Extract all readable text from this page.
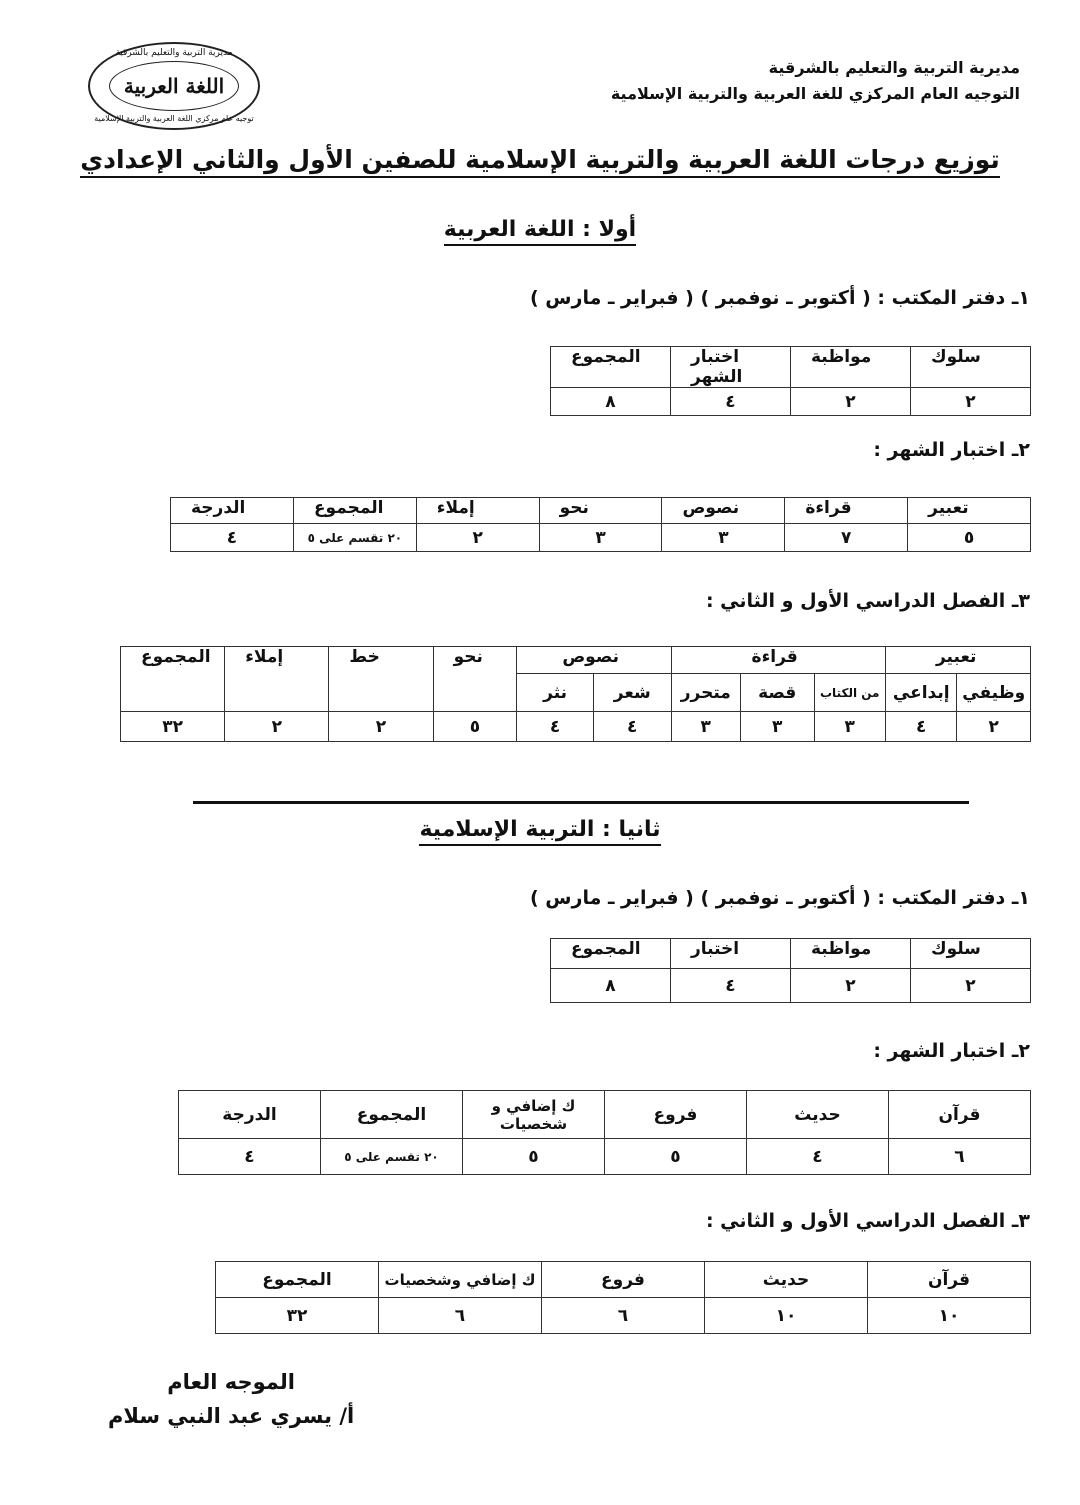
مديرية التربية والتعليم بالشرقية
التوجيه العام المركزي للغة العربية والتربية الإسلامية
مديرية التربية والتعليم بالشرقية
اللغة العربية
توجيه عام مركزي اللغة العربية والتربية الإسلامية
توزيع درجات اللغة العربية والتربية الإسلامية للصفين الأول والثاني الإعدادي
أولا : اللغة العربية
١ـ دفتر المكتب : ( أكتوبر ـ نوفمبر ) ( فبراير ـ مارس )
سلوك	مواظبة	اختبار الشهر	المجموع
٢	٢	٤	٨
٢ـ اختبار الشهر :
تعبير	قراءة	نصوص	نحو	إملاء	المجموع	الدرجة
٥	٧	٣	٣	٢	٢٠ تقسم على ٥	٤
٣ـ الفصل الدراسي الأول و الثاني :
تعبير		قراءة			نصوص		نحو	خط	إملاء	المجموع
وظيفي	إبداعي	من الكتاب	قصة	متحرر	شعر	نثر				
٢	٤	٣	٣	٣	٤	٤	٥	٢	٢	٣٢
ثانيا : التربية الإسلامية
١ـ دفتر المكتب : ( أكتوبر ـ نوفمبر ) ( فبراير ـ مارس )
سلوك	مواظبة	اختبار	المجموع
٢	٢	٤	٨
٢ـ اختبار الشهر :
قرآن	حديث	فروع	ك إضافي و شخصيات	المجموع	الدرجة
٦	٤	٥	٥	٢٠ تقسم على ٥	٤
٣ـ الفصل الدراسي الأول و الثاني :
قرآن	حديث	فروع	ك إضافي وشخصيات	المجموع
١٠	١٠	٦	٦	٣٢
الموجه العام
أ/ يسري عبد النبي سلام
